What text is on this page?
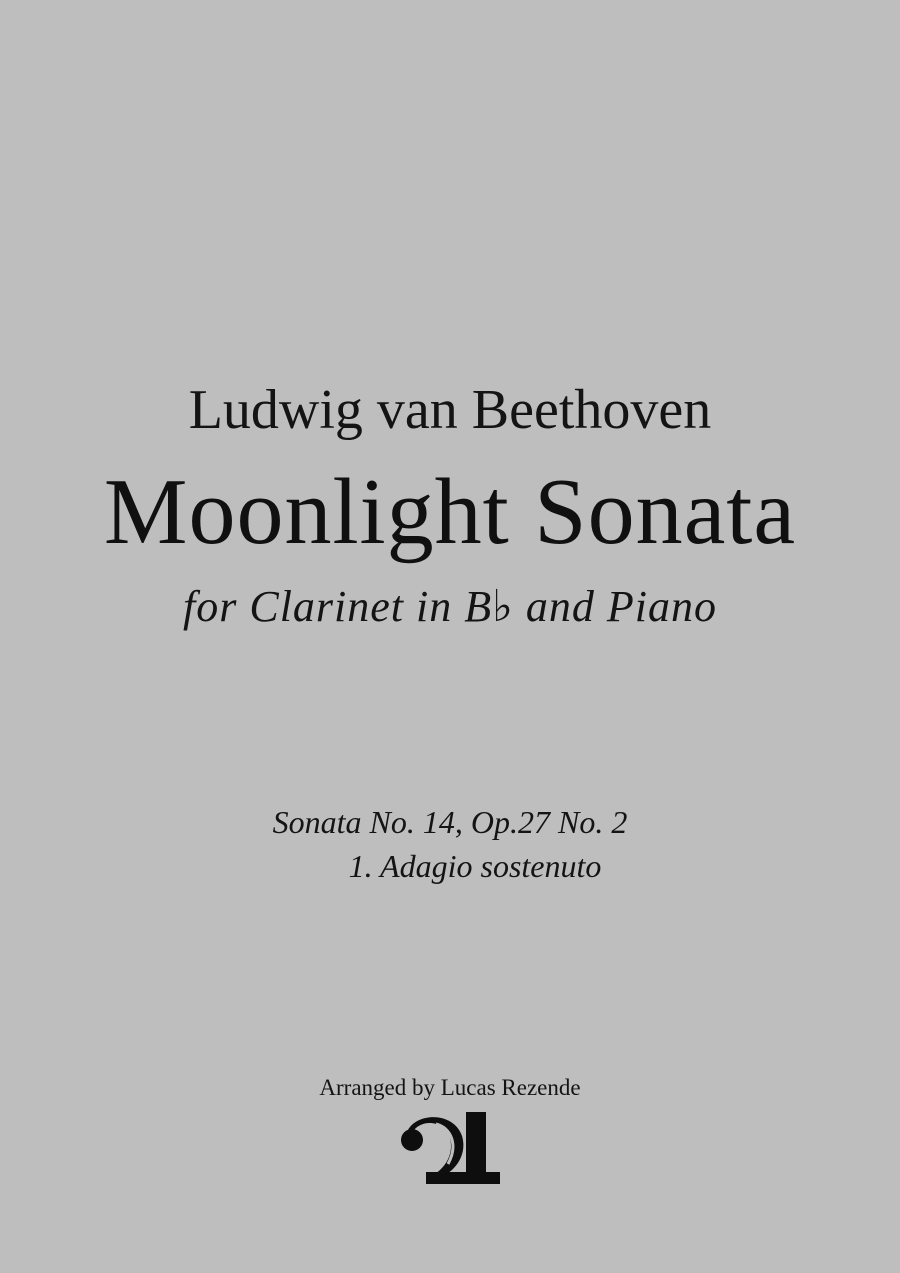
Ludwig van Beethoven
Moonlight Sonata
for Clarinet in B♭ and Piano
Sonata No. 14, Op.27 No. 2
1. Adagio sostenuto
Arranged by Lucas Rezende
